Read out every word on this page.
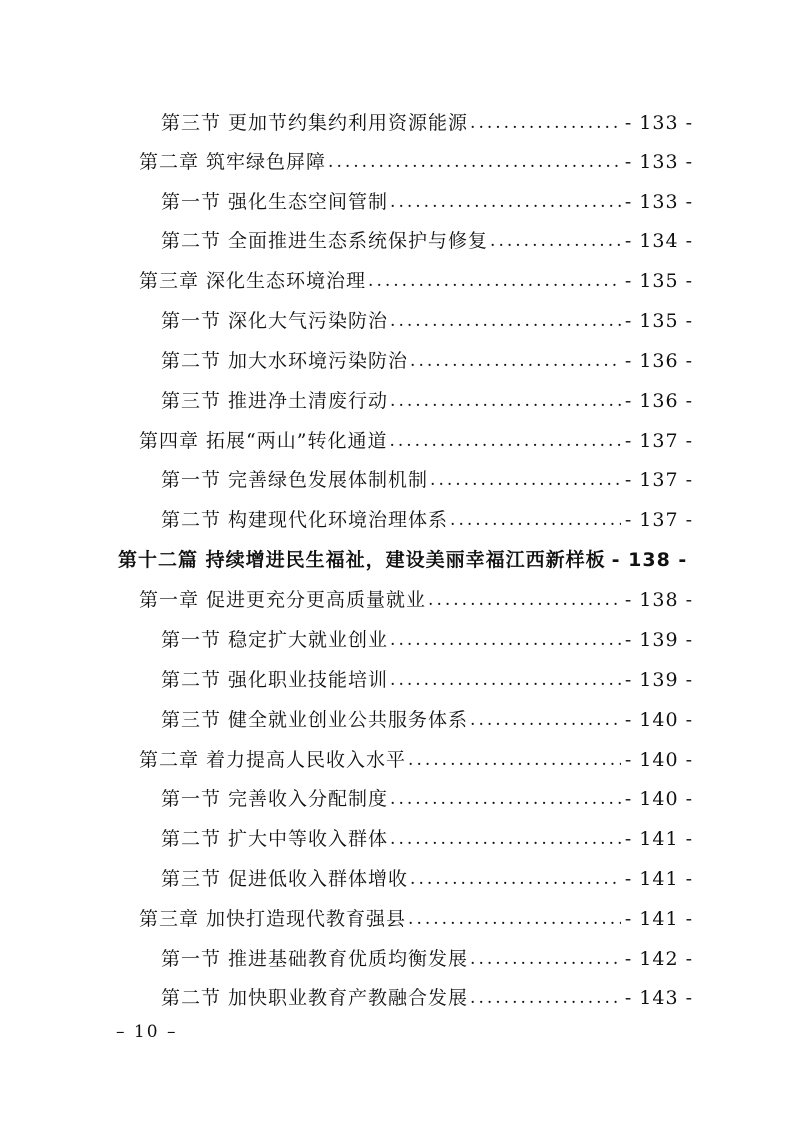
第三节 更加节约集约利用资源能源 .....	- 133 -
第二章 筑牢绿色屏障 .....	- 133 -
第一节 强化生态空间管制 .....	- 133 -
第二节 全面推进生态系统保护与修复 .....	- 134 -
第三章 深化生态环境治理 .....	- 135 -
第一节 深化大气污染防治 .....	- 135 -
第二节 加大水环境污染防治 .....	- 136 -
第三节 推进净土清废行动 .....	- 136 -
第四章 拓展“两山”转化通道 .....	- 137 -
第一节 完善绿色发展体制机制 .....	- 137 -
第二节 构建现代化环境治理体系 .....	- 137 -
第十二篇 持续增进民生福祉，建设美丽幸福江西新样板 - 138 -
第一章 促进更充分更高质量就业 .....	- 138 -
第一节 稳定扩大就业创业 .....	- 139 -
第二节 强化职业技能培训 .....	- 139 -
第三节 健全就业创业公共服务体系 .....	- 140 -
第二章 着力提高人民收入水平 .....	- 140 -
第一节 完善收入分配制度 .....	- 140 -
第二节 扩大中等收入群体 .....	- 141 -
第三节 促进低收入群体增收 .....	- 141 -
第三章 加快打造现代教育强县 .....	- 141 -
第一节 推进基础教育优质均衡发展 .....	- 142 -
第二节 加快职业教育产教融合发展 .....	- 143 -
– 10 –
